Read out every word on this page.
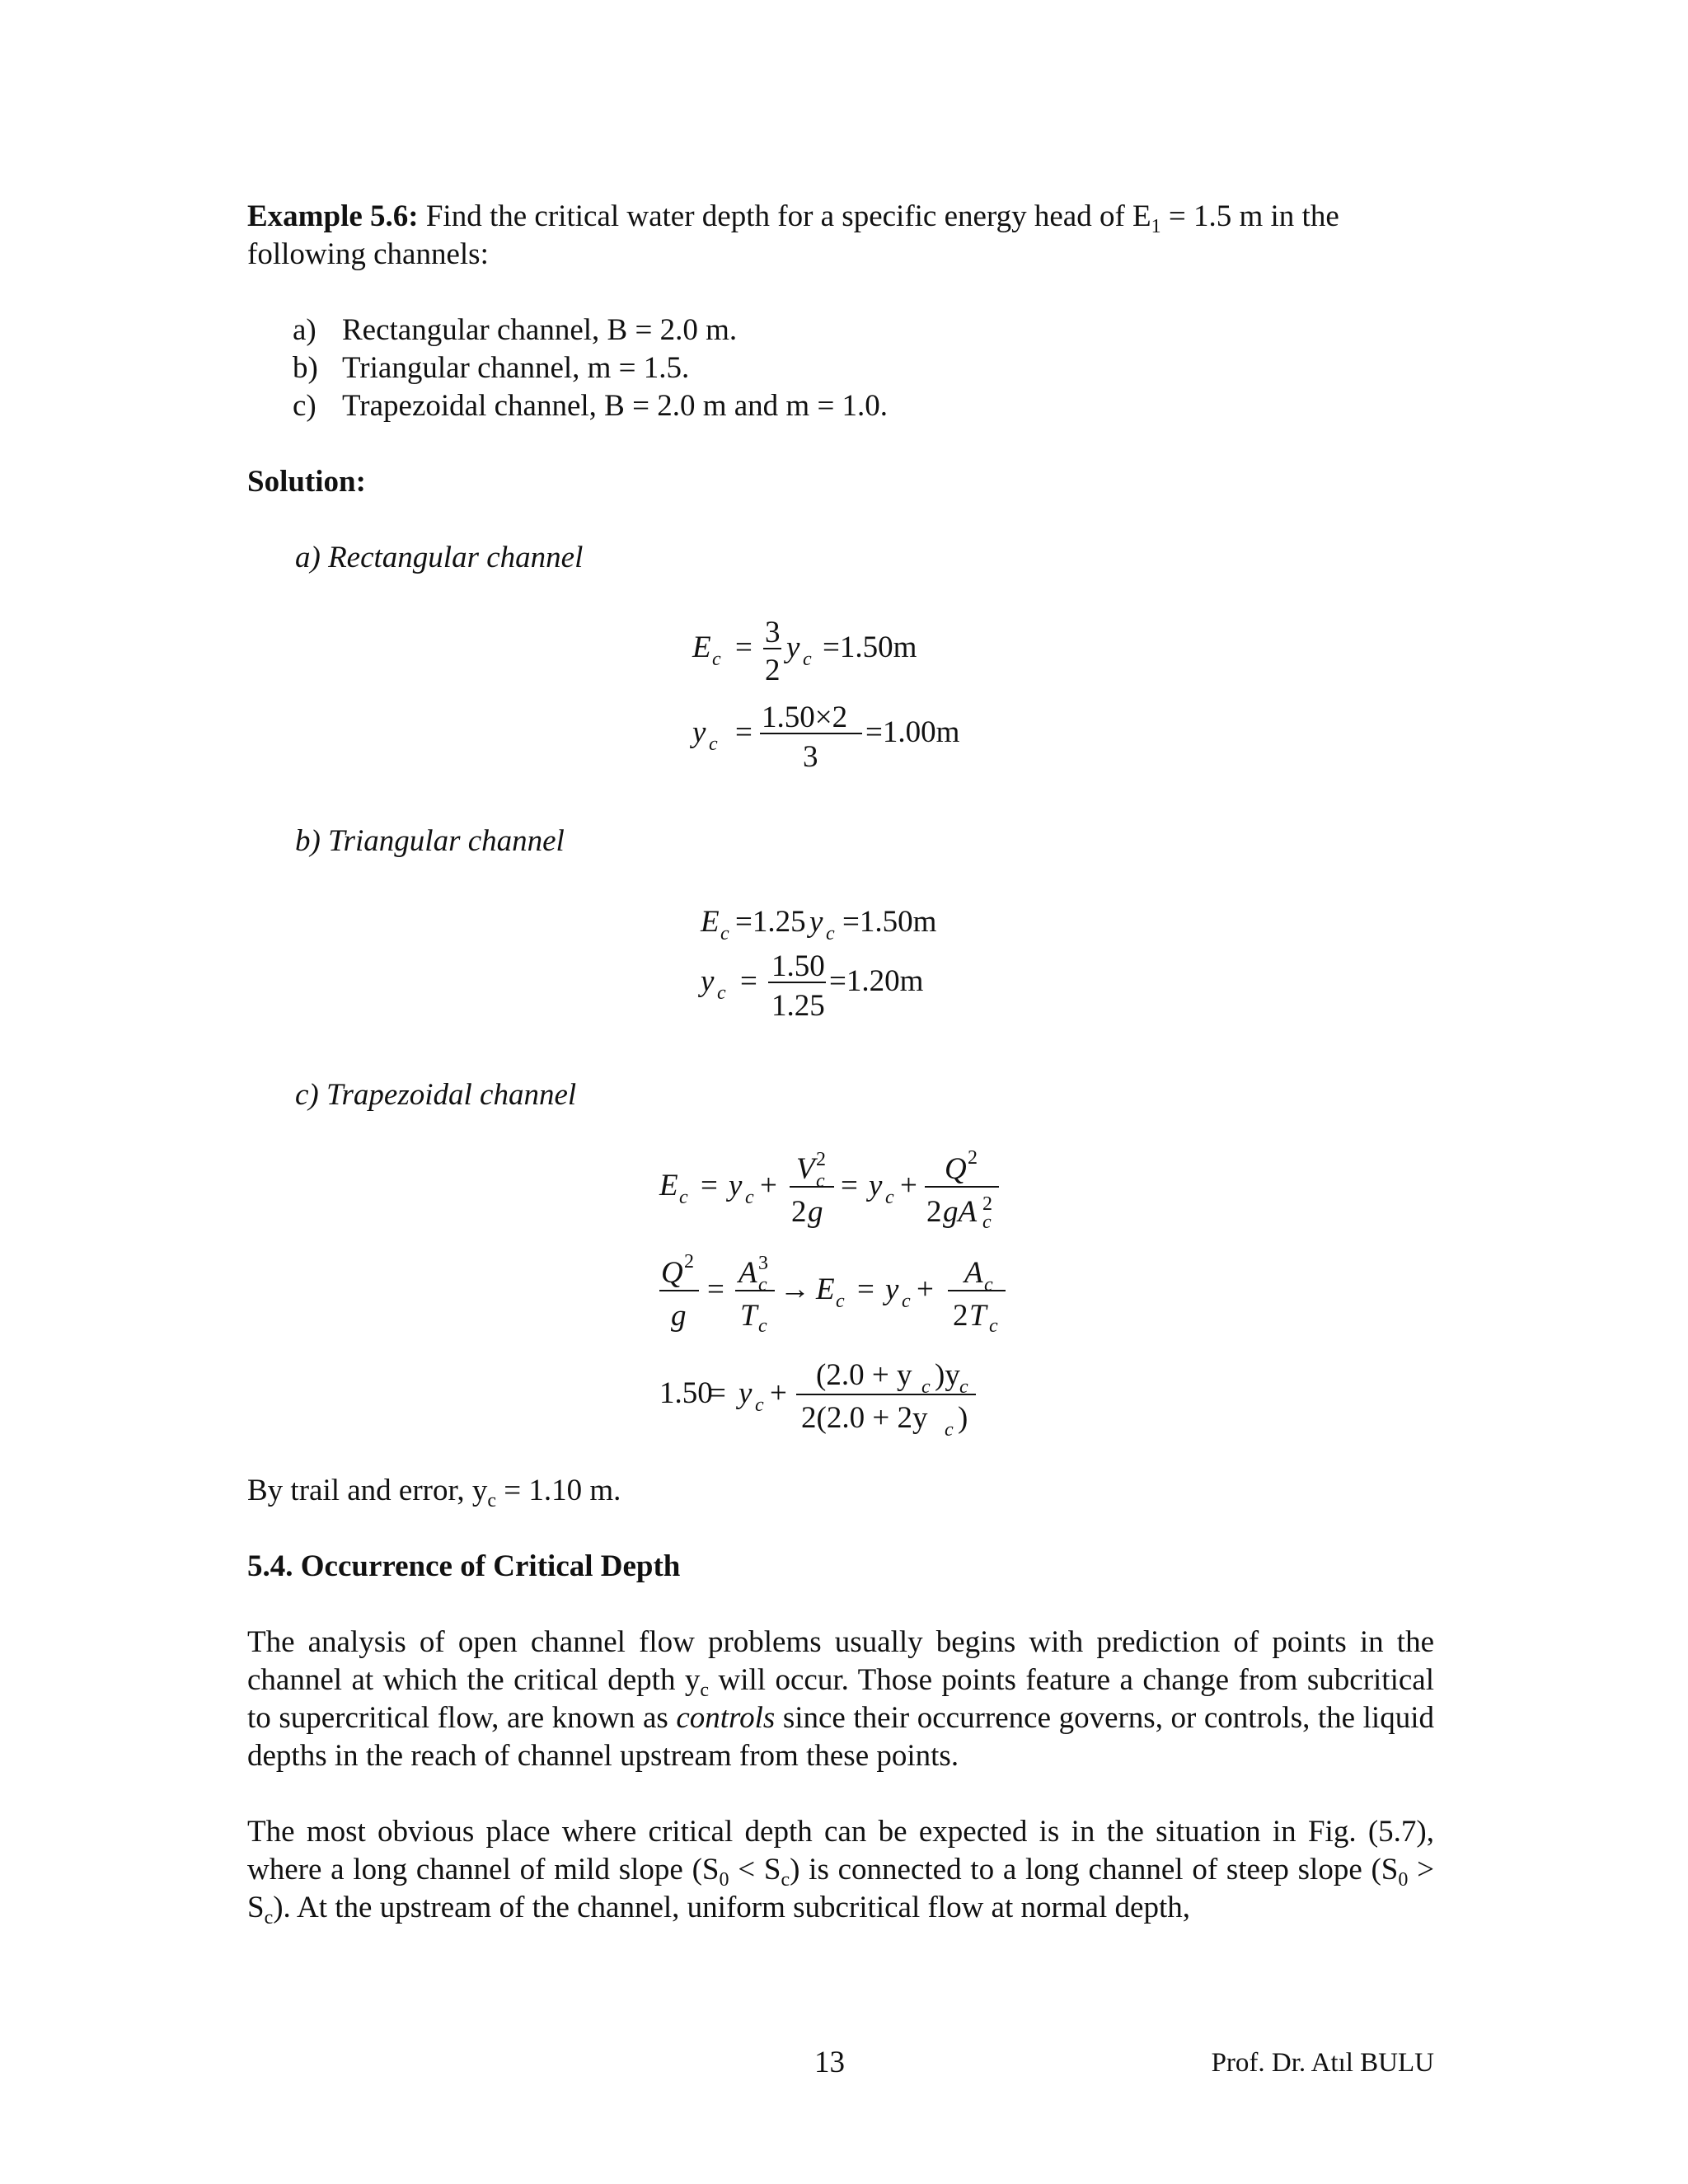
Example 5.6: Find the critical water depth for a specific energy head of $E_1 = 1.5$ m in the
following channels:
a) Rectangular channel, B = 2.0 m.
b) Triangular channel, m = 1.5.
c) Trapezoidal channel, B = 2.0 m and m = 1.0.
Solution:
a) Rectangular channel
E c = 3
2
y c =1.50m
y c = 1.50×2
3
=1.00m
b) Triangular channel
E c =1.25 y c =1.50m
y c = 1.50
1.25
=1.20m
c) Trapezoidal channel
E c = y c + V c
2
2 g
= y c + Q 2
2 gA c
2
Q 2
g
= A c
3
T c
→ E c = y c + A c
2 T c
1.50
= y c +
(2.0 + y c )y c
2(2.0 + 2y c )
By trail and error, $y_c = 1.10$ m.
5.4. Occurrence of Critical Depth
The analysis of open channel flow problems usually begins with prediction of points in the channel at which the critical depth $y_c$ will occur. Those points feature a change from subcritical to supercritical flow, are known as controls since their occurrence governs, or controls, the liquid depths in the reach of channel upstream from these points.
The most obvious place where critical depth can be expected is in the situation in Fig. (5.7), where a long channel of mild slope $(S_0 < S_c)$ is connected to a long channel of steep slope $(S_0 > S_c)$. At the upstream of the channel, uniform subcritical flow at normal depth,
13	Prof. Dr. Atıl BULU
